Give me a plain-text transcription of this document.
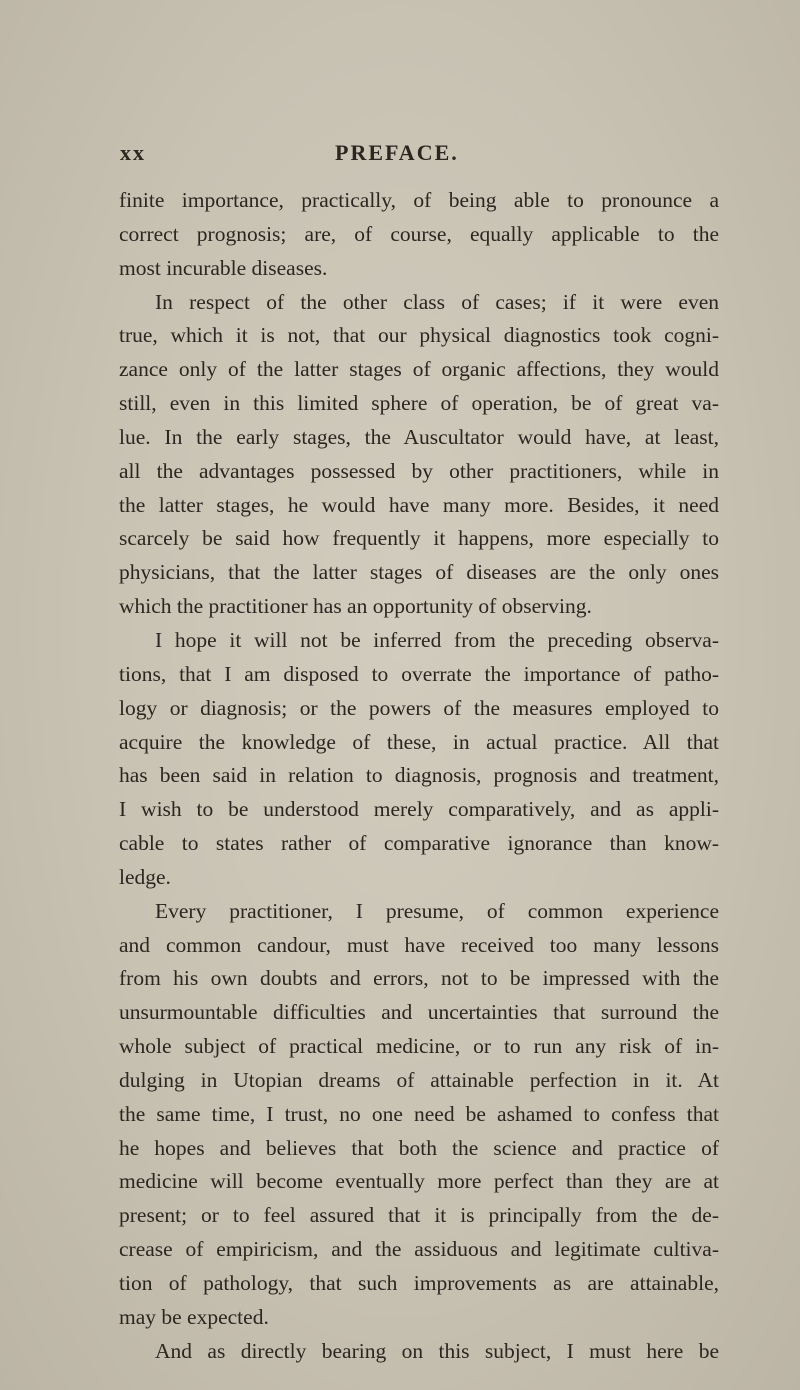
xx	PREFACE.
finite importance, practically, of being able to pronounce a
correct prognosis; are, of course, equally applicable to the
most incurable diseases.
In respect of the other class of cases; if it were even
true, which it is not, that our physical diagnostics took cogni-
zance only of the latter stages of organic affections, they would
still, even in this limited sphere of operation, be of great va-
lue. In the early stages, the Auscultator would have, at least,
all the advantages possessed by other practitioners, while in
the latter stages, he would have many more. Besides, it need
scarcely be said how frequently it happens, more especially to
physicians, that the latter stages of diseases are the only ones
which the practitioner has an opportunity of observing.
I hope it will not be inferred from the preceding observa-
tions, that I am disposed to overrate the importance of patho-
logy or diagnosis; or the powers of the measures employed to
acquire the knowledge of these, in actual practice. All that
has been said in relation to diagnosis, prognosis and treatment,
I wish to be understood merely comparatively, and as appli-
cable to states rather of comparative ignorance than know-
ledge.
Every practitioner, I presume, of common experience
and common candour, must have received too many lessons
from his own doubts and errors, not to be impressed with the
unsurmountable difficulties and uncertainties that surround the
whole subject of practical medicine, or to run any risk of in-
dulging in Utopian dreams of attainable perfection in it. At
the same time, I trust, no one need be ashamed to confess that
he hopes and believes that both the science and practice of
medicine will become eventually more perfect than they are at
present; or to feel assured that it is principally from the de-
crease of empiricism, and the assiduous and legitimate cultiva-
tion of pathology, that such improvements as are attainable,
may be expected.
And as directly bearing on this subject, I must here be
